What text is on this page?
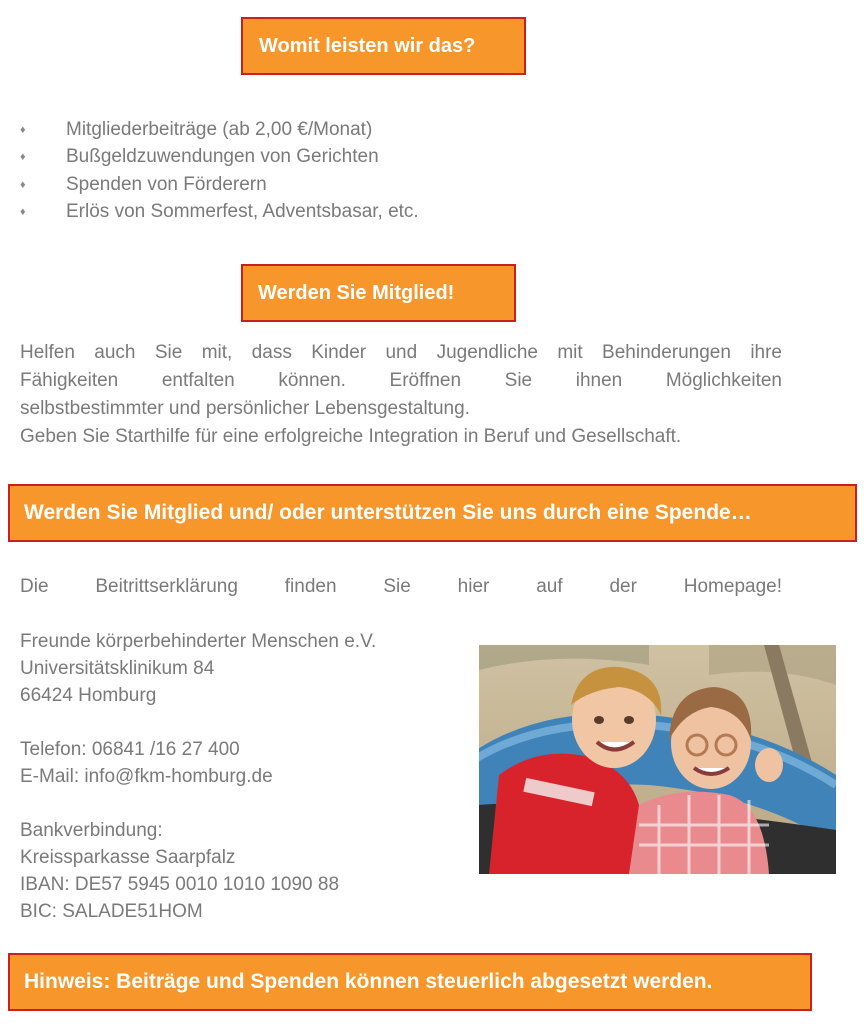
Womit leisten wir das?
♦	Mitgliederbeiträge (ab 2,00 €/Monat)
♦	Bußgeldzuwendungen von Gerichten
♦	Spenden von Förderern
♦	Erlös von Sommerfest, Adventsbasar, etc.
Werden Sie Mitglied!

Helfen auch Sie mit, dass Kinder und Jugendliche mit Behinderungen ihre

Fähigkeiten entfalten können. Eröffnen Sie ihnen Möglichkeiten

selbstbestimmter und persönlicher Lebensgestaltung.

Geben Sie Starthilfe für eine erfolgreiche Integration in Beruf und Gesellschaft.

Werden Sie Mitglied und/ oder unterstützen Sie uns durch eine Spende…

Die Beitrittserklärung finden Sie hier auf der Homepage!

Freunde körperbehinderter Menschen e.V.
Universitätsklinikum 84
66424 Homburg
Telefon: 06841 /16 27 400
E-Mail: info@fkm-homburg.de
Bankverbindung:
Kreissparkasse Saarpfalz
IBAN: DE57 5945 0010 1010 1090 88
BIC: SALADE51HOM
Hinweis: Beiträge und Spenden können steuerlich abgesetzt werden.
